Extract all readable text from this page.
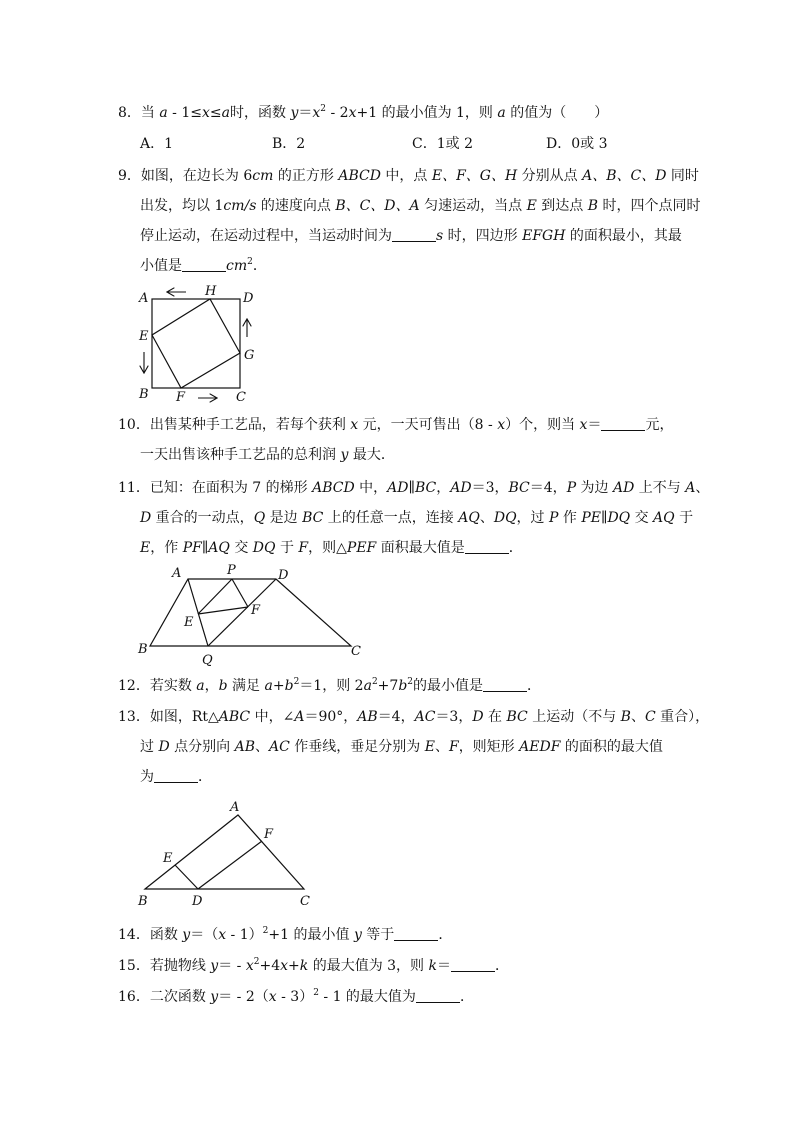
8．当 a - 1≤x≤a时，函数 $y=x^2 - 2x+1$ 的最小值为 1，则 a 的值为（　　）
A．1	B．2	C．1或 2	D．0或 3
9．如图，在边长为 6cm 的正方形 ABCD 中，点 E、F、G、H 分别从点 A、B、C、D 同时
出发，均以 1cm/s 的速度向点 B、C、D、A 匀速运动，当点 E 到达点 B 时，四个点同时
停止运动，在运动过程中，当运动时间为	s 时，四边形 EFGH 的面积最小，其最
小值是	$cm^2$．
A	H D
E
G
B F	C
10．出售某种手工艺品，若每个获利 x 元，一天可售出（8 - x）个，则当 x＝	元，
一天出售该种手工艺品的总利润 y 最大．
11．已知：在面积为 7 的梯形 ABCD 中，AD∥BC，AD＝3，BC＝4，P 为边 AD 上不与 A、
D 重合的一动点，Q 是边 BC 上的任意一点，连接 AQ、DQ，过 P 作 PE∥DQ 交 AQ 于
E，作 PF∥AQ 交 DQ 于 F，则△PEF 面积最大值是	．
A	P	D
F
E
B
Q
C
12．若实数 a，b 满足 $a+b^2=1$，则 $2a^2+7b^2$的最小值是	．
13．如图，Rt△ABC 中，∠A＝90°，AB＝4，AC＝3，D 在 BC 上运动（不与 B、C 重合），
过 D 点分别向 AB、AC 作垂线，垂足分别为 E、F，则矩形 AEDF 的面积的最大值
为	．
A
F
E
B	D	C
14．函数 y＝（x - 1）$^2$+1 的最小值 y 等于	．
15．若抛物线 $y= - x^2+4x+k$ 的最大值为 3，则 k＝	．
16．二次函数 y＝ - 2（x - 3）$^2$ - 1 的最大值为	．
